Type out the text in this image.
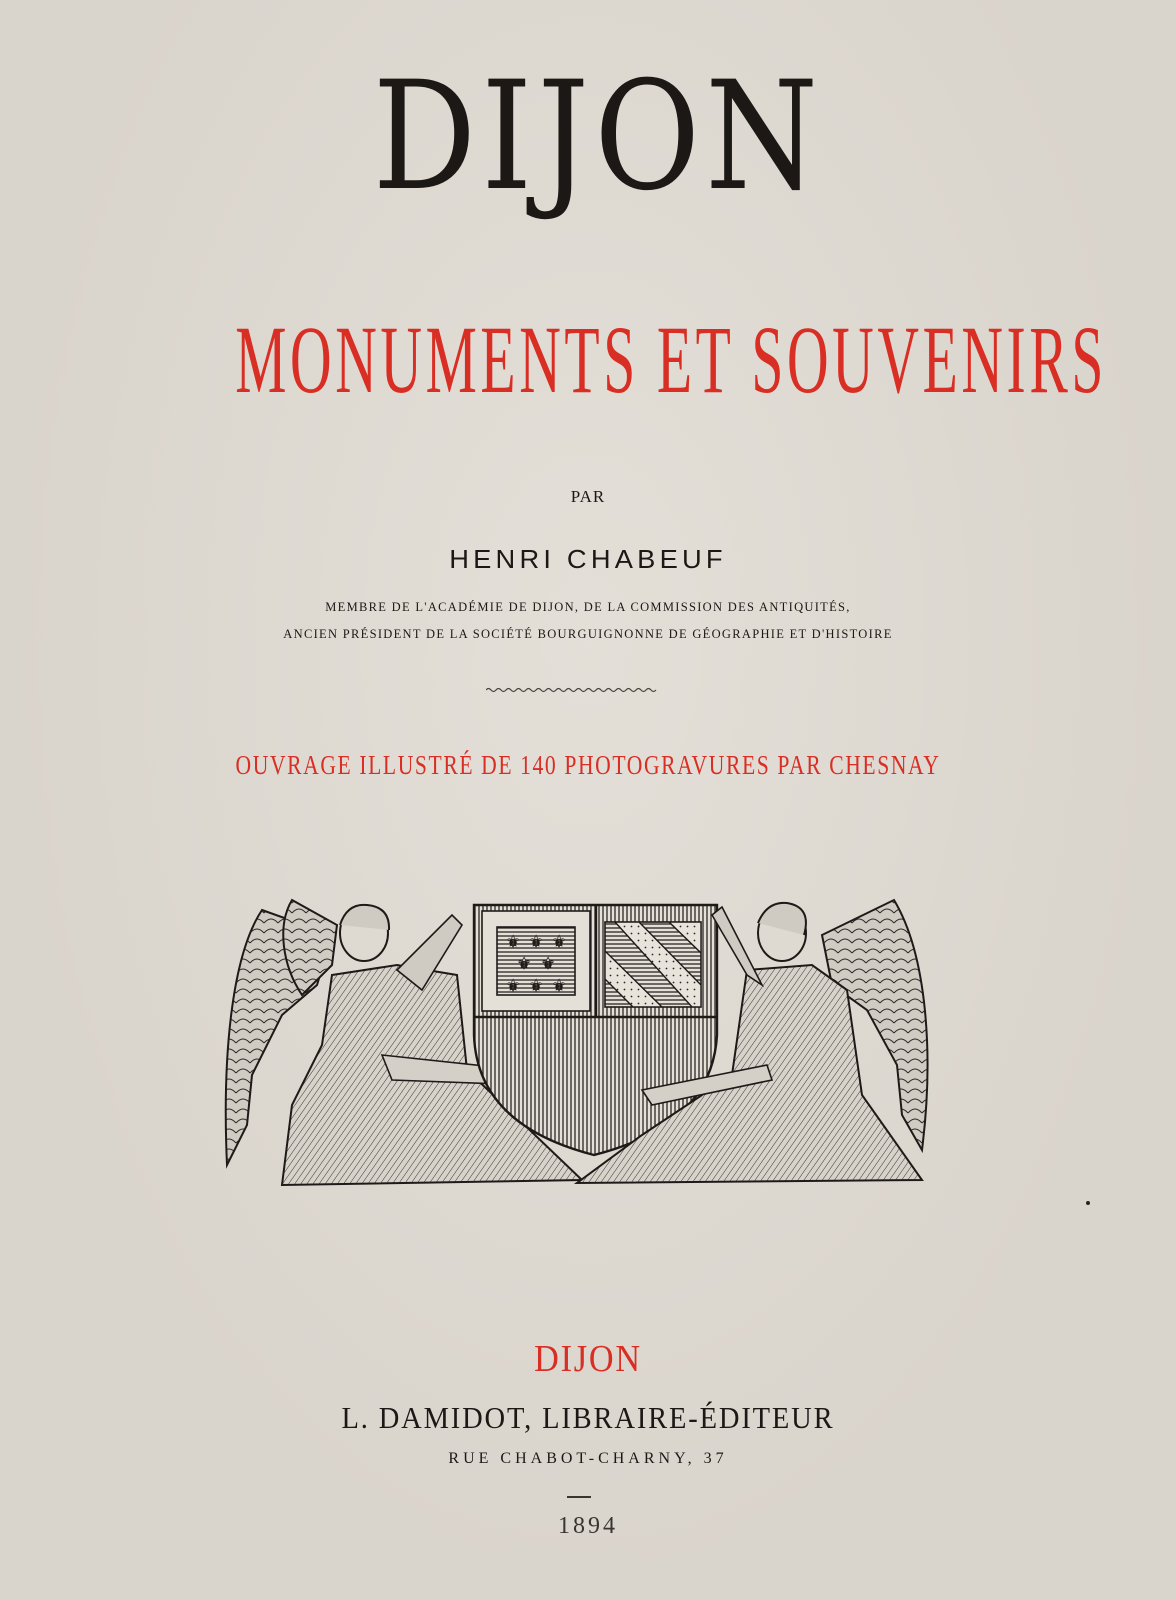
DIJON
MONUMENTS ET SOUVENIRS
PAR
HENRI CHABEUF
MEMBRE DE L'ACADÉMIE DE DIJON, DE LA COMMISSION DES ANTIQUITÉS,
ANCIEN PRÉSIDENT DE LA SOCIÉTÉ BOURGUIGNONNE DE GÉOGRAPHIE ET D'HISTOIRE
OUVRAGE ILLUSTRÉ DE 140 PHOTOGRAVURES PAR CHESNAY
⚜ ⚜ ⚜
⚜ ⚜
⚜ ⚜ ⚜
DIJON
L. DAMIDOT, LIBRAIRE-ÉDITEUR
RUE CHABOT-CHARNY, 37
1894
